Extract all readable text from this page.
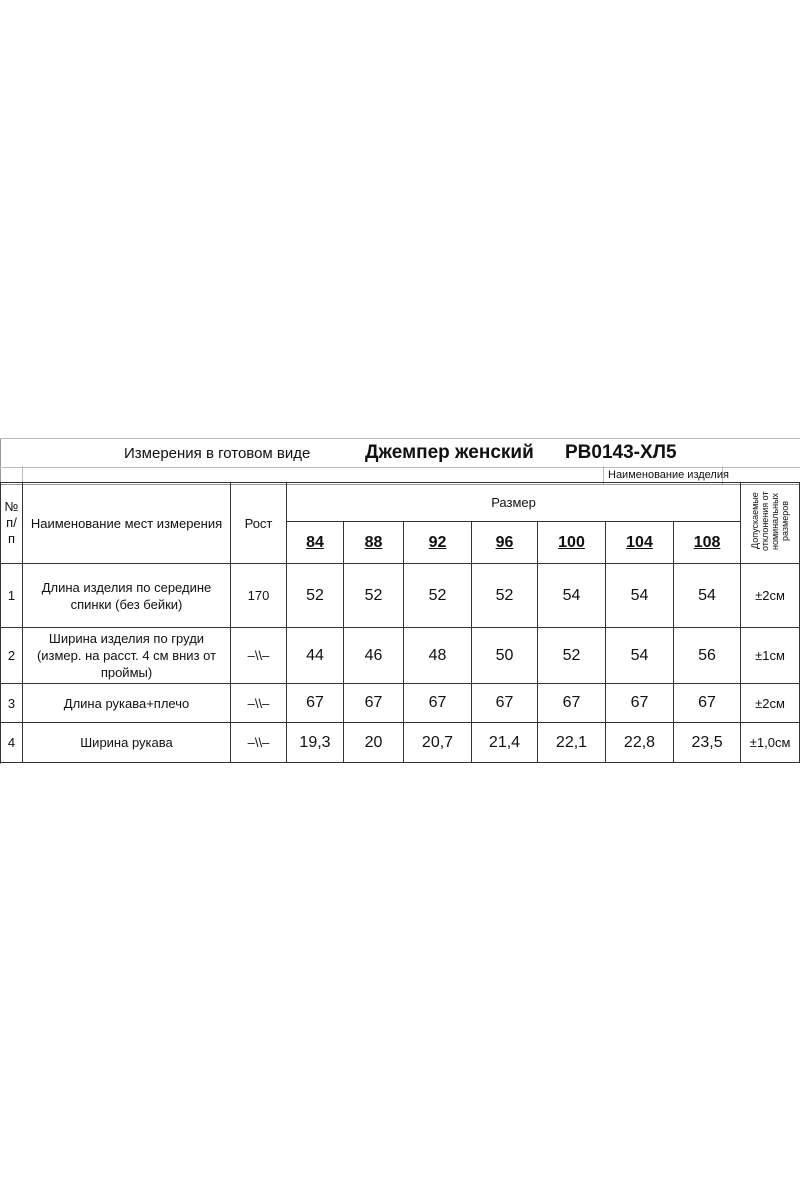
Измерения в готовом виде	Джемпер женский PB0143-ХЛ5
Наименование изделия
№ п/ п	Наименование мест измерения	Рост	Размер							Допускаемые отклонения от номинальных размеров
			84	88	92	96	100	104	108	
1	Длина изделия по середине спинки (без бейки)	170	52	52	52	52	54	54	54	±2см
2	Ширина изделия по груди (измер. на расст. 4 см вниз от проймы)	–\\–	44	46	48	50	52	54	56	±1см
3	Длина рукава+плечо	–\\–	67	67	67	67	67	67	67	±2см
4	Ширина рукава	–\\–	19,3	20	20,7	21,4	22,1	22,8	23,5	±1,0см
